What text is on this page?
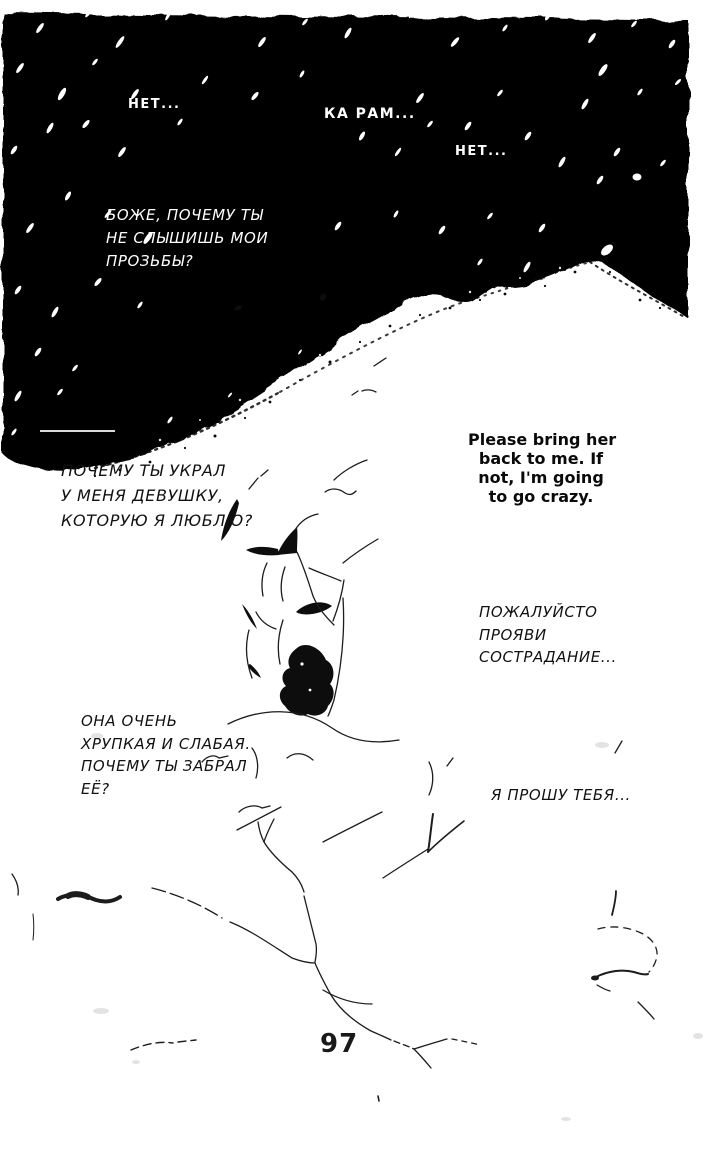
НЕТ...
КА РАМ...
НЕТ...
БОЖЕ, ПОЧЕМУ ТЫ
НЕ СЛЫШИШЬ МОИ
ПРОЗЬБЫ?
ПОЧЕМУ ТЫ УКРАЛ
У МЕНЯ ДЕВУШКУ,
КОТОРУЮ Я ЛЮБЛЮ?
Please bring her
back to me. If
not, I'm going
to go crazy.
ПОЖАЛУЙСТО
ПРОЯВИ
СОСТРАДАНИЕ...
ОНА ОЧЕНЬ
ХРУПКАЯ И СЛАБАЯ.
ПОЧЕМУ ТЫ ЗАБРАЛ
ЕЁ?	Я ПРОШУ ТЕБЯ...
97
